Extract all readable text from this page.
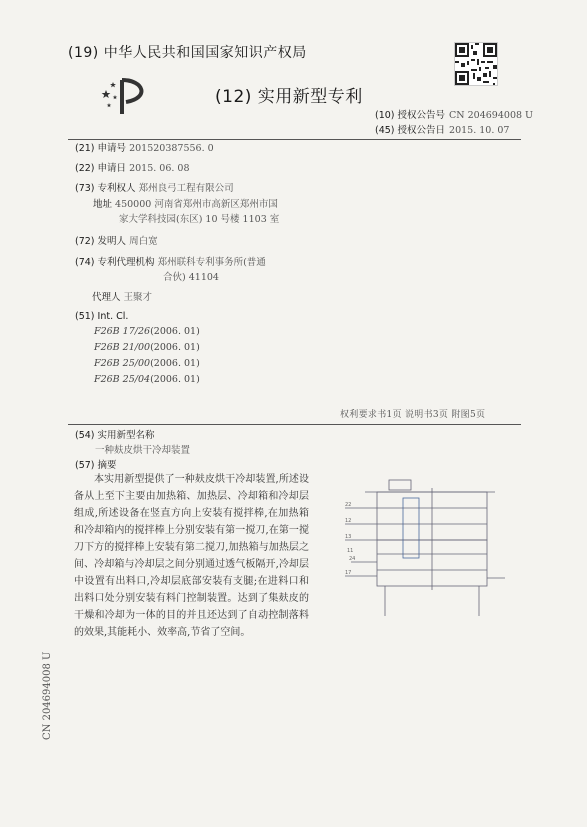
(19) 中华人民共和国国家知识产权局
(12) 实用新型专利
(10) 授权公告号 CN 204694008 U
(45) 授权公告日 2015. 10. 07
(21) 申请号 201520387556. 0
(22) 申请日 2015. 06. 08
(73) 专利权人 郑州良弓工程有限公司
地址 450000 河南省郑州市高新区郑州市国
家大学科技园(东区) 10 号楼 1103 室
(72) 发明人 周白宽
(74) 专利代理机构 郑州联科专利事务所(普通
合伙) 41104
代理人 王聚才
(51) Int. Cl.
F26B 17/26(2006. 01)
F26B 21/00(2006. 01)
F26B 25/00(2006. 01)
F26B 25/04(2006. 01)
权利要求书1页 说明书3页 附图5页
(54) 实用新型名称
一种麸皮烘干冷却装置
(57) 摘要
本实用新型提供了一种麸皮烘干冷却装置,所述设备从上至下主要由加热箱、加热层、冷却箱和冷却层组成,所述设备在竖直方向上安装有搅拌棒,在加热箱和冷却箱内的搅拌棒上分别安装有第一搅刀,在第一搅刀下方的搅拌棒上安装有第二搅刀,加热箱与加热层之间、冷却箱与冷却层之间分别通过透气板隔开,冷却层中设置有出料口,冷却层底部安装有支腿;在进料口和出料口处分别安装有料门控制装置。达到了集麸皮的干燥和冷却为一体的目的并且还达到了自动控制落料的效果,其能耗小、效率高,节省了空间。
22
12
13
11
24
17
CN 204694008 U
